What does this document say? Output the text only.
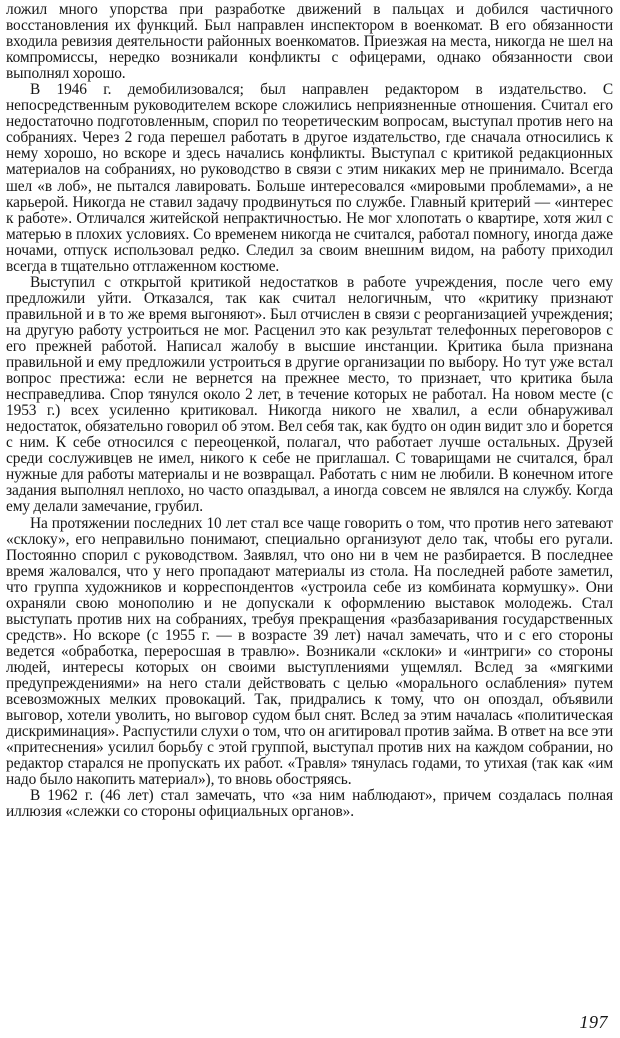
ложил много упорства при разработке движений в пальцах и добился частичного восстановления их функций. Был направлен инспектором в военкомат. В его обязанности входила ревизия деятельности районных военкоматов. Приезжая на места, никогда не шел на компромиссы, нередко возникали конфликты с офицерами, однако обязанности свои выполнял хорошо.

В 1946 г. демобилизовался; был направлен редактором в издательство. С непосредственным руководителем вскоре сложились неприязненные отношения. Считал его недостаточно подготовленным, спорил по теоретическим вопросам, выступал против него на собраниях. Через 2 года перешел работать в другое издательство, где сначала относились к нему хорошо, но вскоре и здесь начались конфликты. Выступал с критикой редакционных материалов на собраниях, но руководство в связи с этим никаких мер не принимало. Всегда шел «в лоб», не пытался лавировать. Больше интересовался «мировыми проблемами», а не карьерой. Никогда не ставил задачу продвинуться по службе. Главный критерий — «интерес к работе». Отличался житейской непрактичностью. Не мог хлопотать о квартире, хотя жил с матерью в плохих условиях. Со временем никогда не считался, работал помногу, иногда даже ночами, отпуск использовал редко. Следил за своим внешним видом, на работу приходил всегда в тщательно отглаженном костюме.

Выступил с открытой критикой недостатков в работе учреждения, после чего ему предложили уйти. Отказался, так как считал нелогичным, что «критику признают правильной и в то же время выгоняют». Был отчислен в связи с реорганизацией учреждения; на другую работу устроиться не мог. Расценил это как результат телефонных переговоров с его прежней работой. Написал жалобу в высшие инстанции. Критика была признана правильной и ему предложили устроиться в другие организации по выбору. Но тут уже встал вопрос престижа: если не вернется на прежнее место, то признает, что критика была несправедлива. Спор тянулся около 2 лет, в течение которых не работал. На новом месте (с 1953 г.) всех усиленно критиковал. Никогда никого не хвалил, а если обнаруживал недостаток, обязательно говорил об этом. Вел себя так, как будто он один видит зло и борется с ним. К себе относился с переоценкой, полагал, что работает лучше остальных. Друзей среди сослуживцев не имел, никого к себе не приглашал. С товарищами не считался, брал нужные для работы материалы и не возвращал. Работать с ним не любили. В конечном итоге задания выполнял неплохо, но часто опаздывал, а иногда совсем не являлся на службу. Когда ему делали замечание, грубил.

На протяжении последних 10 лет стал все чаще говорить о том, что против него затевают «склоку», его неправильно понимают, специально организуют дело так, чтобы его ругали. Постоянно спорил с руководством. Заявлял, что оно ни в чем не разбирается. В последнее время жаловался, что у него пропадают материалы из стола. На последней работе заметил, что группа художников и корреспондентов «устроила себе из комбината кормушку». Они охраняли свою монополию и не допускали к оформлению выставок молодежь. Стал выступать против них на собраниях, требуя прекращения «разбазаривания государственных средств». Но вскоре (с 1955 г. — в возрасте 39 лет) начал замечать, что и с его стороны ведется «обработка, переросшая в травлю». Возникали «склоки» и «интриги» со стороны людей, интересы которых он своими выступлениями ущемлял. Вслед за «мягкими предупреждениями» на него стали действовать с целью «морального ослабления» путем всевозможных мелких провокаций. Так, придрались к тому, что он опоздал, объявили выговор, хотели уволить, но выговор судом был снят. Вслед за этим началась «политическая дискриминация». Распустили слухи о том, что он агитировал против займа. В ответ на все эти «притеснения» усилил борьбу с этой группой, выступал против них на каждом собрании, но редактор старался не пропускать их работ. «Травля» тянулась годами, то утихая (так как «им надо было накопить материал»), то вновь обостряясь.

В 1962 г. (46 лет) стал замечать, что «за ним наблюдают», причем создалась полная иллюзия «слежки со стороны официальных органов».

197
